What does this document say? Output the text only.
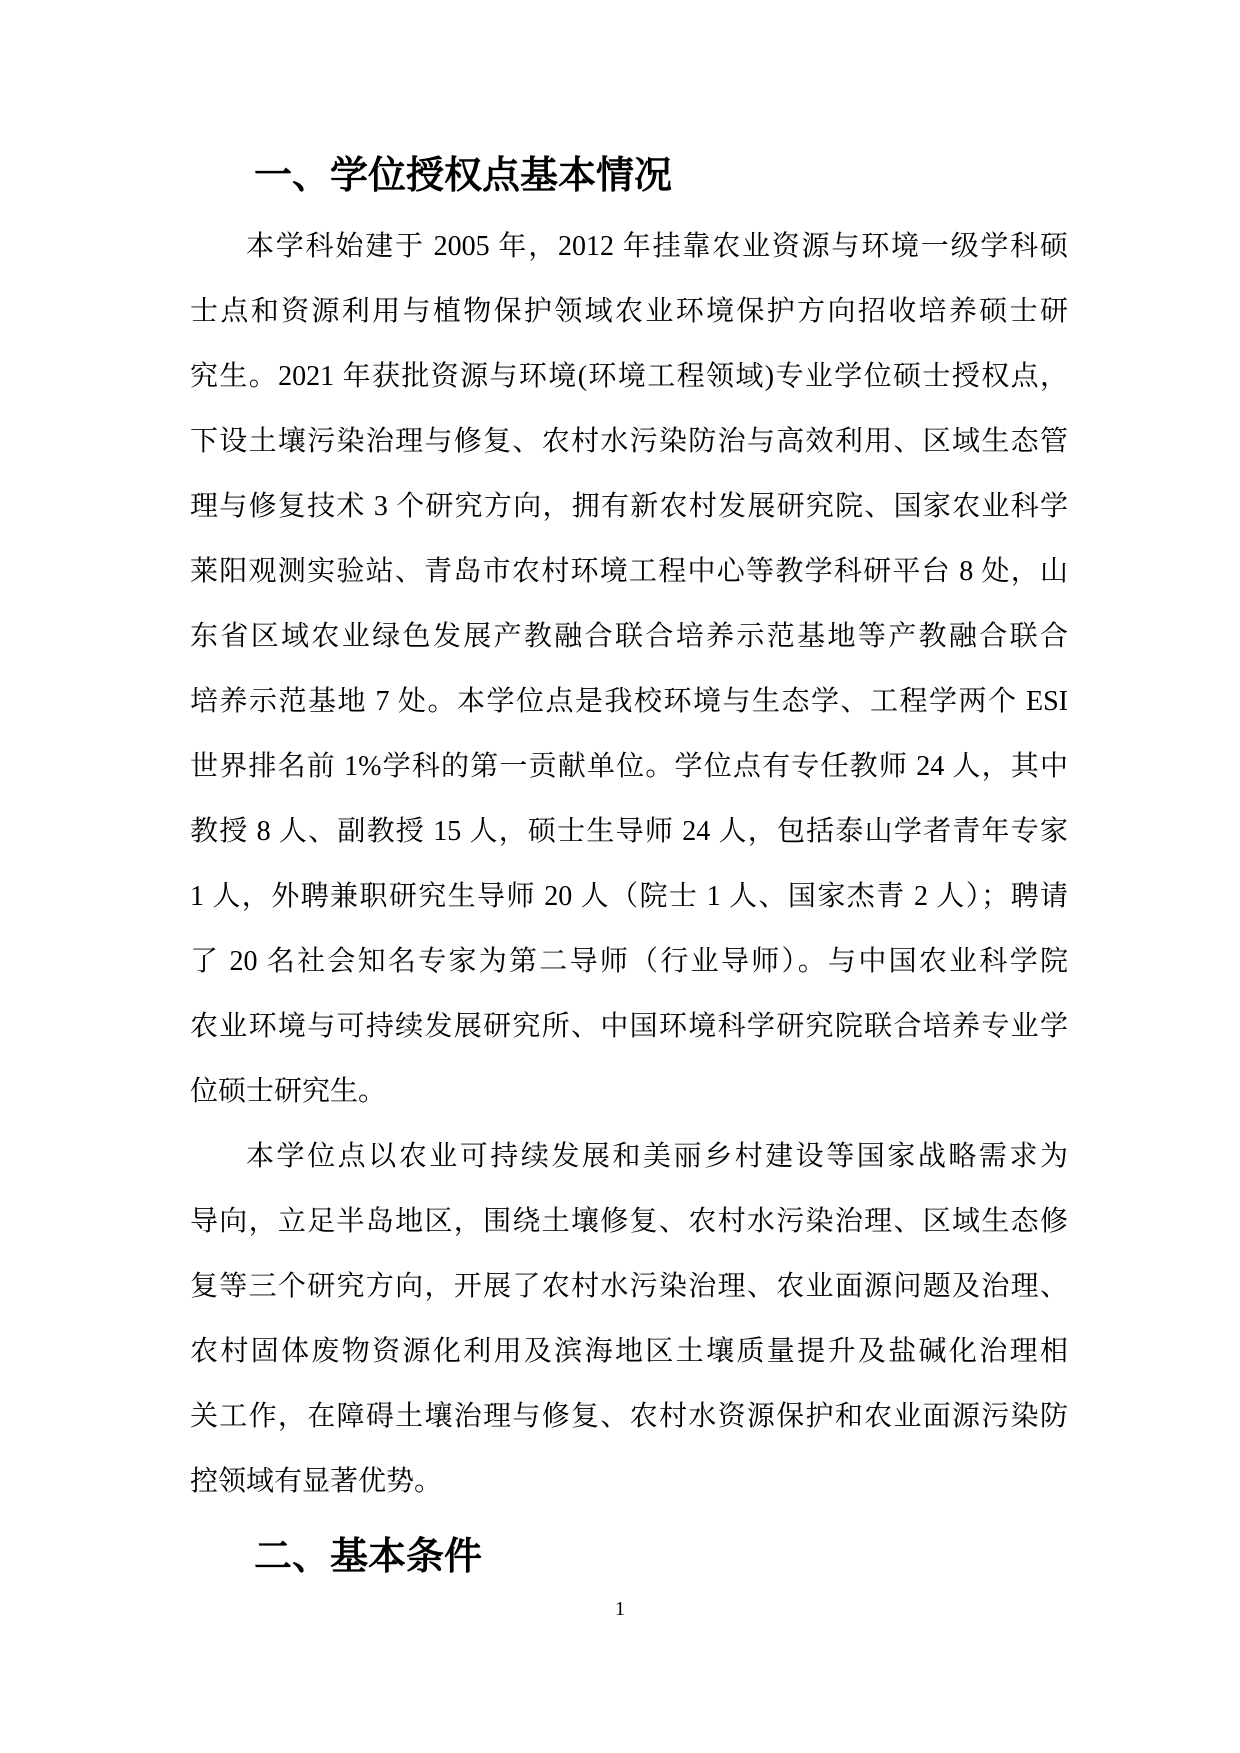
一、学位授权点基本情况
本学科始建于 2005 年，2012 年挂靠农业资源与环境一级学科硕
士点和资源利用与植物保护领域农业环境保护方向招收培养硕士研
究生。2021 年获批资源与环境(环境工程领域)专业学位硕士授权点，
下设土壤污染治理与修复、农村水污染防治与高效利用、区域生态管
理与修复技术 3 个研究方向，拥有新农村发展研究院、国家农业科学
莱阳观测实验站、青岛市农村环境工程中心等教学科研平台 8 处，山
东省区域农业绿色发展产教融合联合培养示范基地等产教融合联合
培养示范基地 7 处。本学位点是我校环境与生态学、工程学两个 ESI
世界排名前 1%学科的第一贡献单位。学位点有专任教师 24 人，其中
教授 8 人、副教授 15 人，硕士生导师 24 人，包括泰山学者青年专家
1 人，外聘兼职研究生导师 20 人（院士 1 人、国家杰青 2 人）；聘请
了 20 名社会知名专家为第二导师（行业导师）。与中国农业科学院
农业环境与可持续发展研究所、中国环境科学研究院联合培养专业学
位硕士研究生。
本学位点以农业可持续发展和美丽乡村建设等国家战略需求为
导向，立足半岛地区，围绕土壤修复、农村水污染治理、区域生态修
复等三个研究方向，开展了农村水污染治理、农业面源问题及治理、
农村固体废物资源化利用及滨海地区土壤质量提升及盐碱化治理相
关工作，在障碍土壤治理与修复、农村水资源保护和农业面源污染防
控领域有显著优势。
二、基本条件
1
